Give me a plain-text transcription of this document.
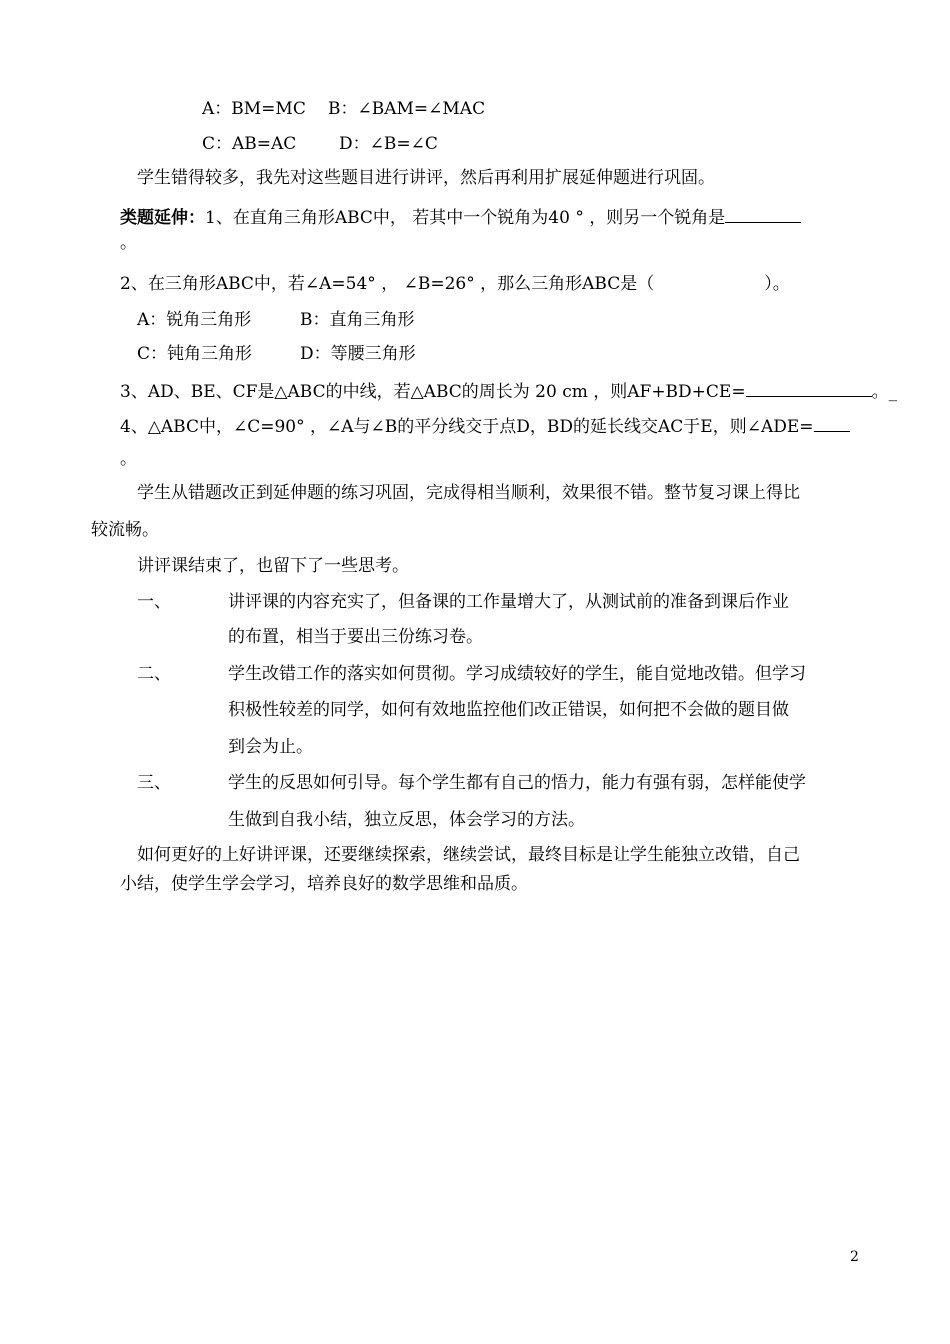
A：BM=MC B：∠BAM=∠MAC
C：AB=AC	D：∠B=∠C
学生错得较多，我先对这些题目进行讲评，然后再利用扩展延伸题进行巩固。
类题延伸：1、在直角三角形ABC中， 若其中一个锐角为40 ° ，则另一个锐角是
。
2、在三角形ABC中，若∠A=54° ， ∠B=26° ，那么三角形ABC是（	）。
A：锐角三角形	B：直角三角形
C：钝角三角形	D：等腰三角形
3、AD、BE、CF是△ABC的中线，若△ABC的周长为 20 cm ，则AF+BD+CE=	。_
4、△ABC中，∠C=90° ，∠A与∠B的平分线交于点D，BD的延长线交AC于E，则∠ADE=
。
学生从错题改正到延伸题的练习巩固，完成得相当顺利，效果很不错。整节复习课上得比
较流畅。
讲评课结束了，也留下了一些思考。
一、	讲评课的内容充实了，但备课的工作量增大了，从测试前的准备到课后作业
的布置，相当于要出三份练习卷。
二、	学生改错工作的落实如何贯彻。学习成绩较好的学生，能自觉地改错。但学习
积极性较差的同学，如何有效地监控他们改正错误，如何把不会做的题目做
到会为止。
三、	学生的反思如何引导。每个学生都有自己的悟力，能力有强有弱，怎样能使学
生做到自我小结，独立反思，体会学习的方法。
如何更好的上好讲评课，还要继续探索，继续尝试，最终目标是让学生能独立改错，自己
小结，使学生学会学习，培养良好的数学思维和品质。
2
